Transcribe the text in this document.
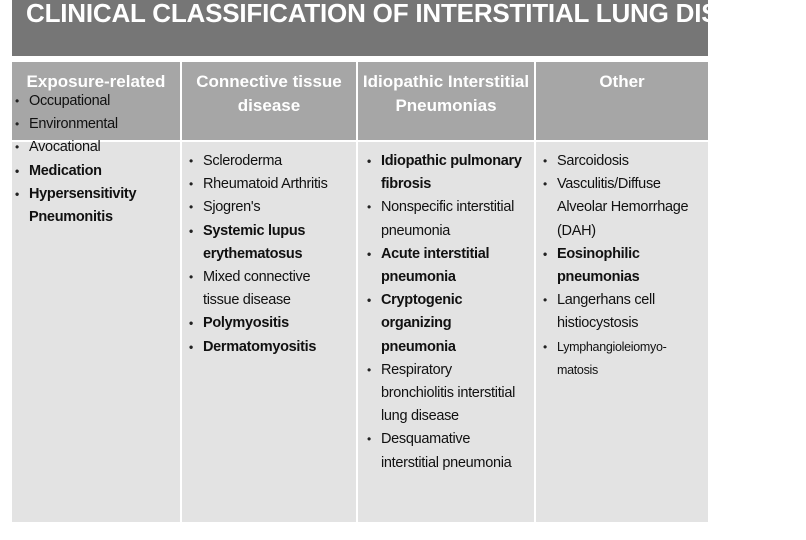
CLINICAL CLASSIFICATION OF INTERSTITIAL LUNG DISEASES
Exposure-related
• Occupational
• Environmental
• Avocational
• Medication
• Hypersensitivity
Pneumonitis
Connective tissue
disease
• Scleroderma
• Rheumatoid Arthritis
• Sjogren's
• Systemic lupus
erythematosus
• Mixed connective
tissue disease
• Polymyositis
• Dermatomyositis
Idiopathic Interstitial
Pneumonias
• Idiopathic pulmonary
fibrosis
• Nonspecific interstitial
pneumonia
• Acute interstitial
pneumonia
• Cryptogenic
organizing
pneumonia
• Respiratory
bronchiolitis interstitial
lung disease
• Desquamative
interstitial pneumonia
Other
• Sarcoidosis
• Vasculitis/Diffuse
Alveolar Hemorrhage
(DAH)
• Eosinophilic
pneumonias
• Langerhans cell
histiocystosis
• Lymphangioleiomyo-
matosis
